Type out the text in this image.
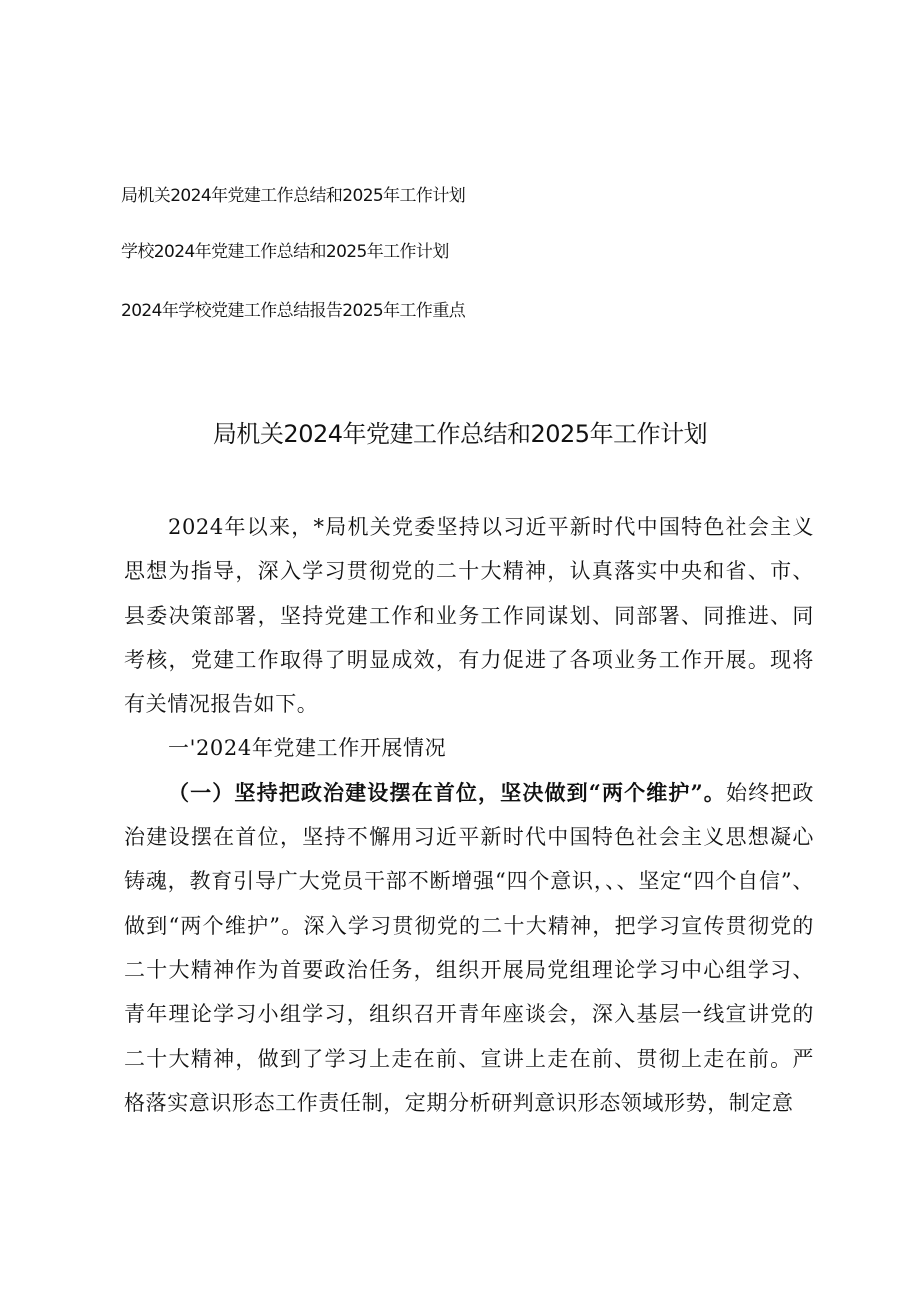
局机关2024年党建工作总结和2025年工作计划
学校2024年党建工作总结和2025年工作计划
2024年学校党建工作总结报告2025年工作重点
局机关2024年党建工作总结和2025年工作计划

2024年以来，*局机关党委坚持以习近平新时代中国特色社会主义思想为指导，深入学习贯彻党的二十大精神，认真落实中央和省、市、县委决策部署，坚持党建工作和业务工作同谋划、同部署、同推进、同考核，党建工作取得了明显成效，有力促进了各项业务工作开展。现将有关情况报告如下。

一'2024年党建工作开展情况

（一）坚持把政治建设摆在首位，坚决做到“两个维护”。始终把政治建设摆在首位，坚持不懈用习近平新时代中国特色社会主义思想凝心铸魂，教育引导广大党员干部不断增强“四个意识，、、坚定“四个自信”、做到“两个维护”。深入学习贯彻党的二十大精神，把学习宣传贯彻党的二十大精神作为首要政治任务，组织开展局党组理论学习中心组学习、青年理论学习小组学习，组织召开青年座谈会，深入基层一线宣讲党的二十大精神，做到了学习上走在前、宣讲上走在前、贯彻上走在前。严格落实意识形态工作责任制，定期分析研判意识形态领域形势，制定意
